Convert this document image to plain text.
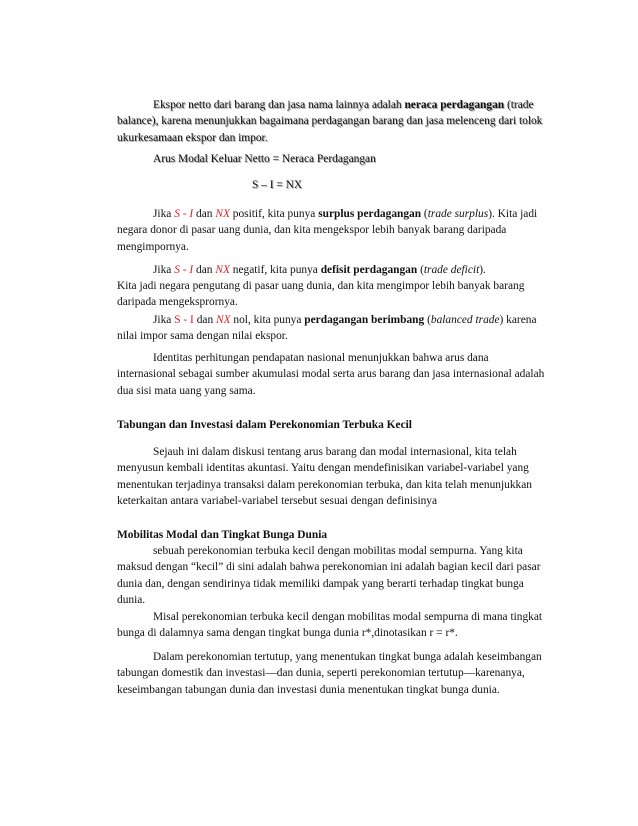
Ekspor netto dari barang dan jasa nama lainnya adalah neraca perdagangan (trade balance), karena menunjukkan bagaimana perdagangan barang dan jasa melenceng dari tolok ukurkesamaan ekspor dan impor.

Arus Modal Keluar Netto = Neraca Perdagangan

S – I = NX

Jika S - I dan NX positif, kita punya surplus perdagangan (trade surplus). Kita jadi negara donor di pasar uang dunia, dan kita mengekspor lebih banyak barang daripada mengimpornya.

Jika S - I dan NX negatif, kita punya defisit perdagangan (trade deficit).

Kita jadi negara pengutang di pasar uang dunia, dan kita mengimpor lebih banyak barang daripada mengeksprornya.

Jika S - I dan NX nol, kita punya perdagangan berimbang (balanced trade) karena nilai impor sama dengan nilai ekspor.

Identitas perhitungan pendapatan nasional menunjukkan bahwa arus dana internasional sebagai sumber akumulasi modal serta arus barang dan jasa internasional adalah dua sisi mata uang yang sama.

Tabungan dan Investasi dalam Perekonomian Terbuka Kecil

Sejauh ini dalam diskusi tentang arus barang dan modal internasional, kita telah menyusun kembali identitas akuntasi. Yaitu dengan mendefinisikan variabel-variabel yang menentukan terjadinya transaksi dalam perekonomian terbuka, dan kita telah menunjukkan keterkaitan antara variabel-variabel tersebut sesuai dengan definisinya

Mobilitas Modal dan Tingkat Bunga Dunia

sebuah perekonomian terbuka kecil dengan mobilitas modal sempurna. Yang kita maksud dengan “kecil” di sini adalah bahwa perekonomian ini adalah bagian kecil dari pasar dunia dan, dengan sendirinya tidak memiliki dampak yang berarti terhadap tingkat bunga dunia.

Misal perekonomian terbuka kecil dengan mobilitas modal sempurna di mana tingkat bunga di dalamnya sama dengan tingkat bunga dunia r*,dinotasikan r = r*.

Dalam perekonomian tertutup, yang menentukan tingkat bunga adalah keseimbangan tabungan domestik dan investasi—dan dunia, seperti perekonomian tertutup—karenanya, keseimbangan tabungan dunia dan investasi dunia menentukan tingkat bunga dunia.
